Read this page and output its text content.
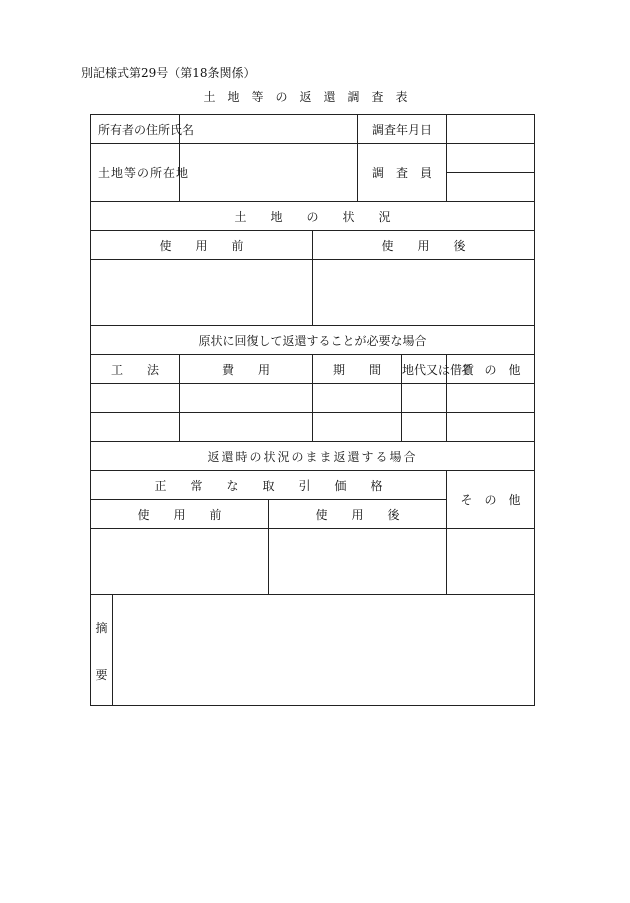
別記様式第29号（第18条関係）
土地等の返還調査表
所有者の住所氏名				調査年月日		
土地等の所在地				調　査　員		

土　　地　　の　　状　　況						
使　　用　　前			使　　用　　後			

原状に回復して返還することが必要な場合						
工　　法	費　　用		期　　間		地代又は借賃	そ　の　他

返還時の状況のまま返還する場合						
正　　常　　な　　取　　引　　価　　格						そ　の　他
使　　用　　前		使　　用　　後				

摘
要						
